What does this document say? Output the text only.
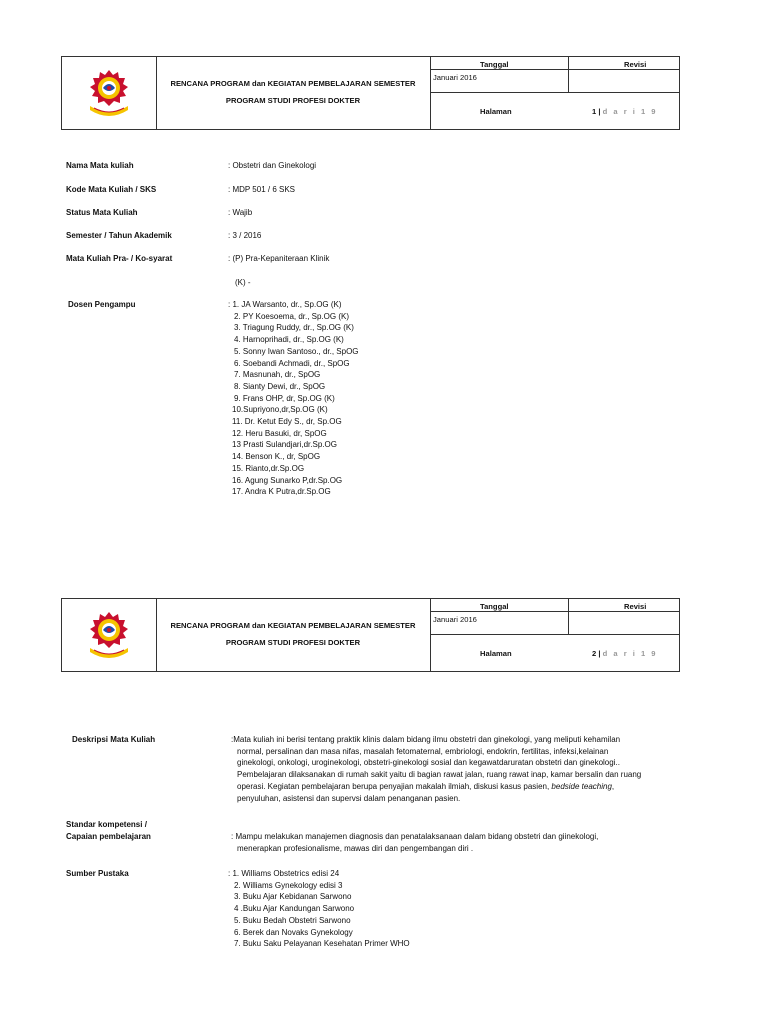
RENCANA PROGRAM dan KEGIATAN PEMBELAJARAN SEMESTER
PROGRAM STUDI PROFESI DOKTER
Tanggal	Revisi
Januari 2016
Halaman	1 | d a r i 1 9
Nama Mata kuliah	: Obstetri dan Ginekologi
Kode Mata Kuliah / SKS	: MDP 501 / 6 SKS
Status Mata Kuliah	: Wajib
Semester / Tahun Akademik	: 3 / 2016
Mata Kuliah Pra- / Ko-syarat	: (P) Pra-Kepaniteraan Klinik
(K) -
Dosen Pengampu	: 1. JA Warsanto, dr., Sp.OG (K)
2. PY Koesoema, dr., Sp.OG (K)
3. Triagung Ruddy, dr., Sp.OG (K)
4. Harnoprihadi, dr., Sp.OG (K)
5. Sonny Iwan Santoso., dr., SpOG
6. Soebandi Achmadi, dr., SpOG
7. Masnunah, dr., SpOG
8. Sianty Dewi, dr., SpOG
9. Frans OHP, dr, Sp.OG (K)
10.Supriyono,dr,Sp.OG (K)
11. Dr. Ketut Edy S., dr, Sp.OG
12. Heru Basuki, dr, SpOG
13 Prasti Sulandjari,dr.Sp.OG
14. Benson K., dr, SpOG
15. Rianto,dr.Sp.OG
16. Agung Sunarko P,dr.Sp.OG
17. Andra K Putra,dr.Sp.OG
RENCANA PROGRAM dan KEGIATAN PEMBELAJARAN SEMESTER
PROGRAM STUDI PROFESI DOKTER
Tanggal	Revisi
Januari 2016
Halaman	2 | d a r i 1 9
Deskripsi Mata Kuliah	:Mata kuliah ini berisi tentang praktik klinis dalam bidang ilmu obstetri dan ginekologi, yang meliputi kehamilan
normal, persalinan dan masa nifas, masalah fetomaternal, embriologi, endokrin, fertilitas, infeksi,kelainan
ginekologi, onkologi, uroginekologi, obstetri-ginekologi sosial dan kegawatdaruratan obstetri dan ginekologi..
Pembelajaran dilaksanakan di rumah sakit yaitu di bagian rawat jalan, ruang rawat inap, kamar bersalin dan ruang
operasi. Kegiatan pembelajaran berupa penyajian makalah ilmiah, diskusi kasus pasien, bedside teaching,
penyuluhan, asistensi dan supervsi dalam penanganan pasien.
Standar kompetensi /
Capaian pembelajaran	: Mampu melakukan manajemen diagnosis dan penatalaksanaan dalam bidang obstetri dan giinekologi,
menerapkan profesionalisme, mawas diri dan pengembangan diri .
Sumber Pustaka	: 1. Williams Obstetrics edisi 24
2. Williams Gynekology edisi 3
3. Buku Ajar Kebidanan Sarwono
4 .Buku Ajar Kandungan Sarwono
5. Buku Bedah Obstetri Sarwono
6. Berek dan Novaks Gynekology
7. Buku Saku Pelayanan Kesehatan Primer WHO
